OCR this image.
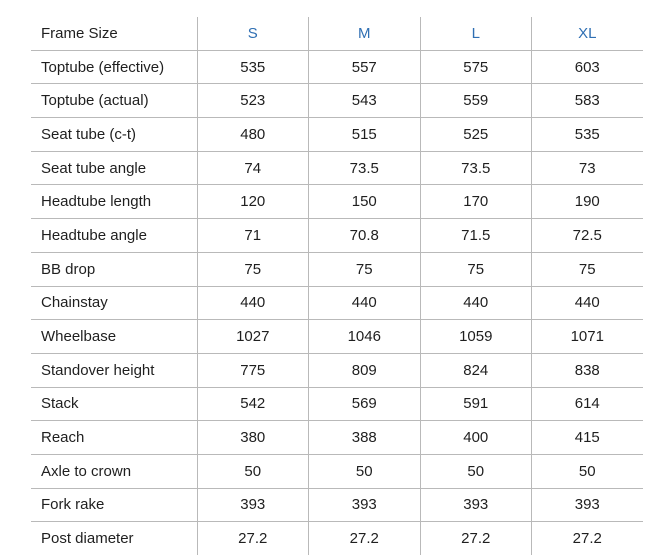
Frame Size	S	M	L	XL
Toptube (effective)	535	557	575	603
Toptube (actual)	523	543	559	583
Seat tube (c-t)	480	515	525	535
Seat tube angle	74	73.5	73.5	73
Headtube length	120	150	170	190
Headtube angle	71	70.8	71.5	72.5
BB drop	75	75	75	75
Chainstay	440	440	440	440
Wheelbase	1027	1046	1059	1071
Standover height	775	809	824	838
Stack	542	569	591	614
Reach	380	388	400	415
Axle to crown	50	50	50	50
Fork rake	393	393	393	393
Post diameter	27.2	27.2	27.2	27.2
